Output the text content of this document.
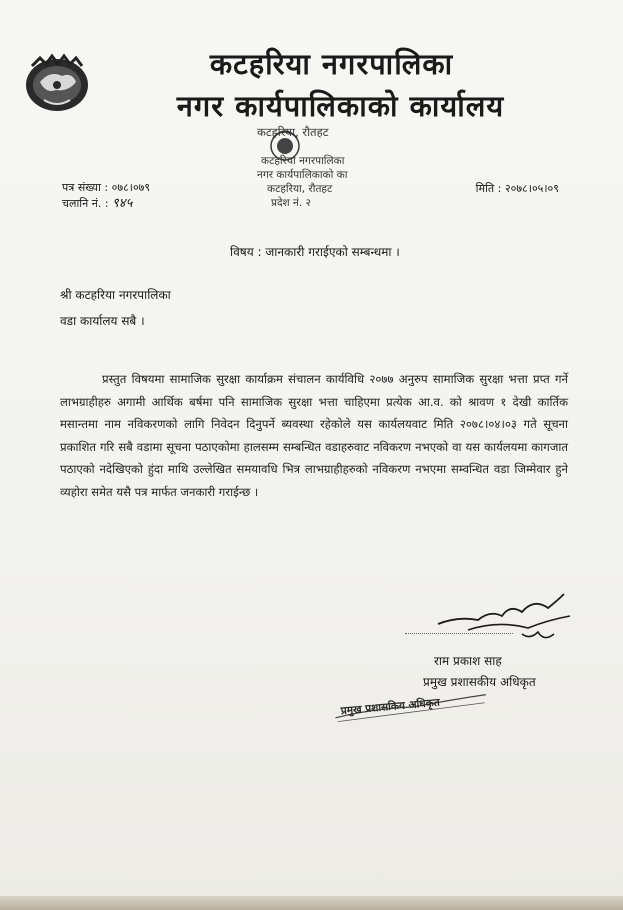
कटहरिया नगरपालिका
नगर कार्यपालिकाको कार्यालय
कटहरिया, रौतहट
कटहरिया नगरपालिका
नगर कार्यपालिकाको का
कटहरिया, रौतहट
प्रदेश नं. २
पत्र संख्या : ०७८।०७९
चलानि नं. : ९४५
मिति : २०७८।०५।०९
विषय : जानकारी गराईएको सम्बन्धमा ।
श्री कटहरिया नगरपालिका
वडा कार्यालय सबै ।
प्रस्तुत विषयमा सामाजिक सुरक्षा कार्याक्रम संचालन कार्यविधि २०७७ अनुरुप सामाजिक सुरक्षा भत्ता प्रप्त गर्ने लाभग्राहीहरु अगामी आर्थिक बर्षमा पनि सामाजिक सुरक्षा भत्ता चाहिएमा प्रत्येक आ.व. को श्रावण १ देखी कार्तिक मसान्तमा नाम नविकरणको लागि निवेदन दिनुपर्ने ब्यवस्था रहेकोले यस कार्यलयवाट मिति २०७८।०४।०३ गते सूचना प्रकाशित गरि सबै वडामा सूचना पठाएकोमा हालसम्म सम्बन्धित वडाहरुवाट नविकरण नभएको वा यस कार्यलयमा कागजात पठाएको नदेखिएको हुंदा माथि उल्लेखित समयावधि भित्र लाभग्राहीहरुको नविकरण नभएमा सम्वन्धित वडा जिम्मेवार हुने व्यहोरा समेत यसै पत्र मार्फत जनकारी गराईन्छ ।
राम प्रकाश साह
प्रमुख प्रशासकीय अधिकृत
प्रमुख प्रशासकिय अधिकृत
